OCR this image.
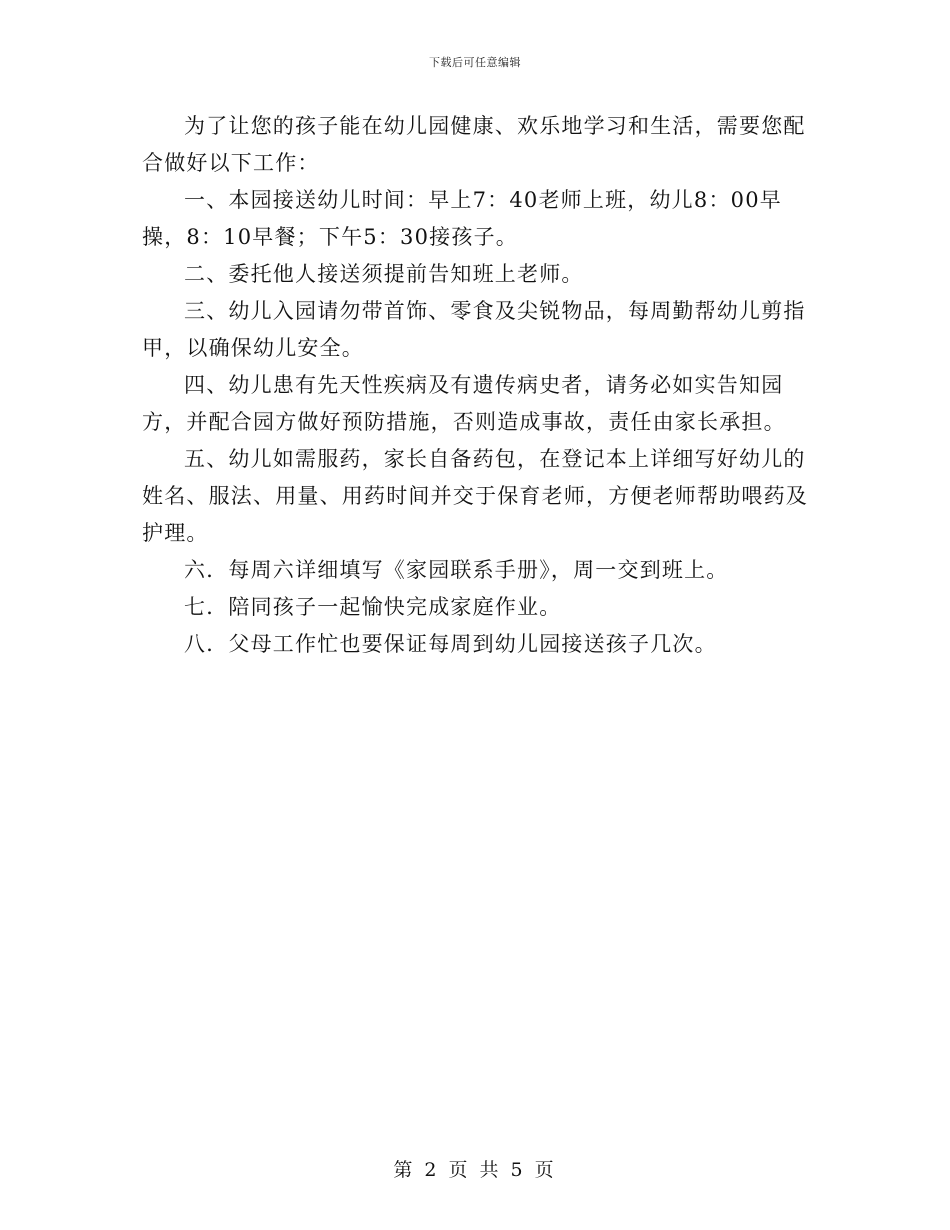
下载后可任意编辑

为了让您的孩子能在幼儿园健康、欢乐地学习和生活，需要您配合做好以下工作：

一、本园接送幼儿时间：早上7：40老师上班，幼儿8：00早操，8：10早餐；下午5：30接孩子。

二、委托他人接送须提前告知班上老师。

三、幼儿入园请勿带首饰、零食及尖锐物品，每周勤帮幼儿剪指甲，以确保幼儿安全。

四、幼儿患有先天性疾病及有遗传病史者，请务必如实告知园方，并配合园方做好预防措施，否则造成事故，责任由家长承担。

五、幼儿如需服药，家长自备药包，在登记本上详细写好幼儿的姓名、服法、用量、用药时间并交于保育老师，方便老师帮助喂药及护理。

六．每周六详细填写《家园联系手册》，周一交到班上。

七．陪同孩子一起愉快完成家庭作业。

八．父母工作忙也要保证每周到幼儿园接送孩子几次。

第 2 页 共 5 页
